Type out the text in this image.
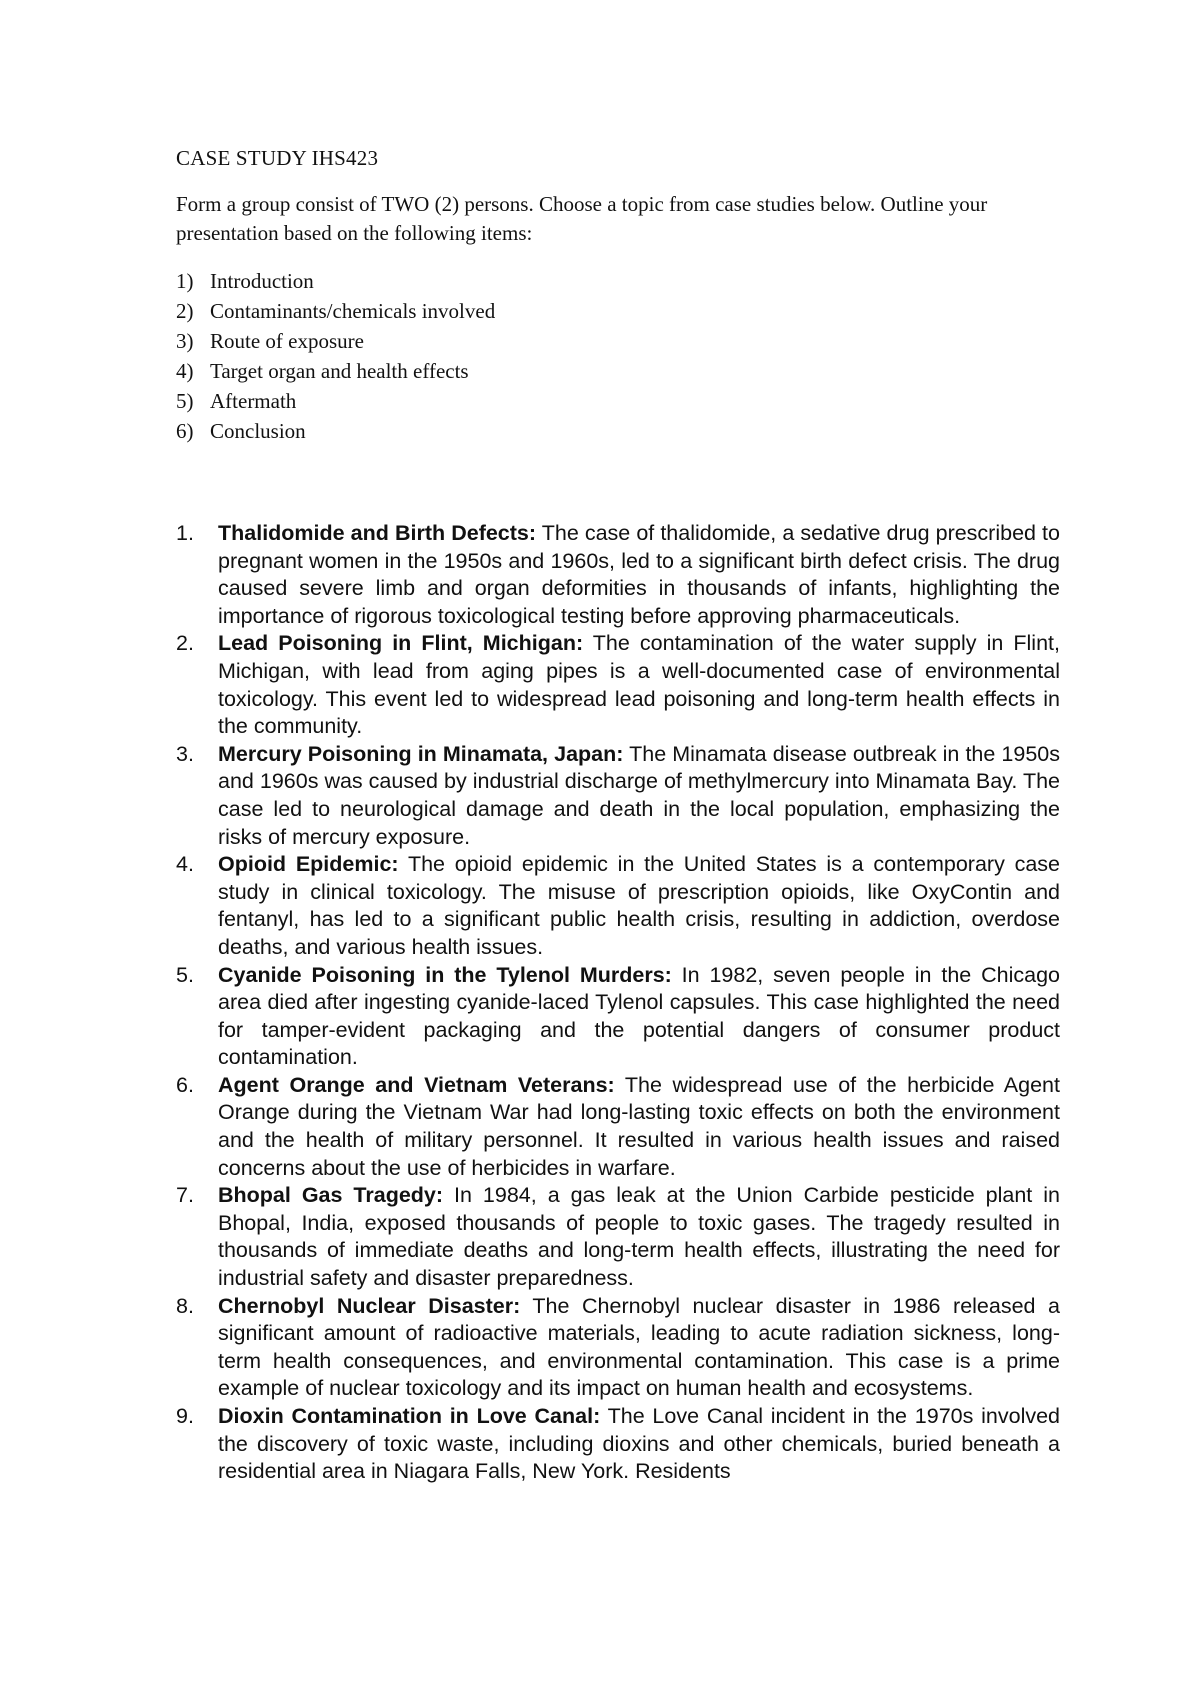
CASE STUDY IHS423

Form a group consist of TWO (2) persons. Choose a topic from case studies below. Outline your presentation based on the following items:

1) Introduction
2) Contaminants/chemicals involved
3) Route of exposure
4) Target organ and health effects
5) Aftermath
6) Conclusion
1.	Thalidomide and Birth Defects: The case of thalidomide, a sedative drug prescribed to pregnant women in the 1950s and 1960s, led to a significant birth defect crisis. The drug caused severe limb and organ deformities in thousands of infants, highlighting the importance of rigorous toxicological testing before approving pharmaceuticals.
2.	Lead Poisoning in Flint, Michigan: The contamination of the water supply in Flint, Michigan, with lead from aging pipes is a well-documented case of environmental toxicology. This event led to widespread lead poisoning and long-term health effects in the community.
3.	Mercury Poisoning in Minamata, Japan: The Minamata disease outbreak in the 1950s and 1960s was caused by industrial discharge of methylmercury into Minamata Bay. The case led to neurological damage and death in the local population, emphasizing the risks of mercury exposure.
4.	Opioid Epidemic: The opioid epidemic in the United States is a contemporary case study in clinical toxicology. The misuse of prescription opioids, like OxyContin and fentanyl, has led to a significant public health crisis, resulting in addiction, overdose deaths, and various health issues.
5.	Cyanide Poisoning in the Tylenol Murders: In 1982, seven people in the Chicago area died after ingesting cyanide-laced Tylenol capsules. This case highlighted the need for tamper-evident packaging and the potential dangers of consumer product contamination.
6.	Agent Orange and Vietnam Veterans: The widespread use of the herbicide Agent Orange during the Vietnam War had long-lasting toxic effects on both the environment and the health of military personnel. It resulted in various health issues and raised concerns about the use of herbicides in warfare.
7.	Bhopal Gas Tragedy: In 1984, a gas leak at the Union Carbide pesticide plant in Bhopal, India, exposed thousands of people to toxic gases. The tragedy resulted in thousands of immediate deaths and long-term health effects, illustrating the need for industrial safety and disaster preparedness.
8.	Chernobyl Nuclear Disaster: The Chernobyl nuclear disaster in 1986 released a significant amount of radioactive materials, leading to acute radiation sickness, long-term health consequences, and environmental contamination. This case is a prime example of nuclear toxicology and its impact on human health and ecosystems.
9.	Dioxin Contamination in Love Canal: The Love Canal incident in the 1970s involved the discovery of toxic waste, including dioxins and other chemicals, buried beneath a residential area in Niagara Falls, New York. Residents
